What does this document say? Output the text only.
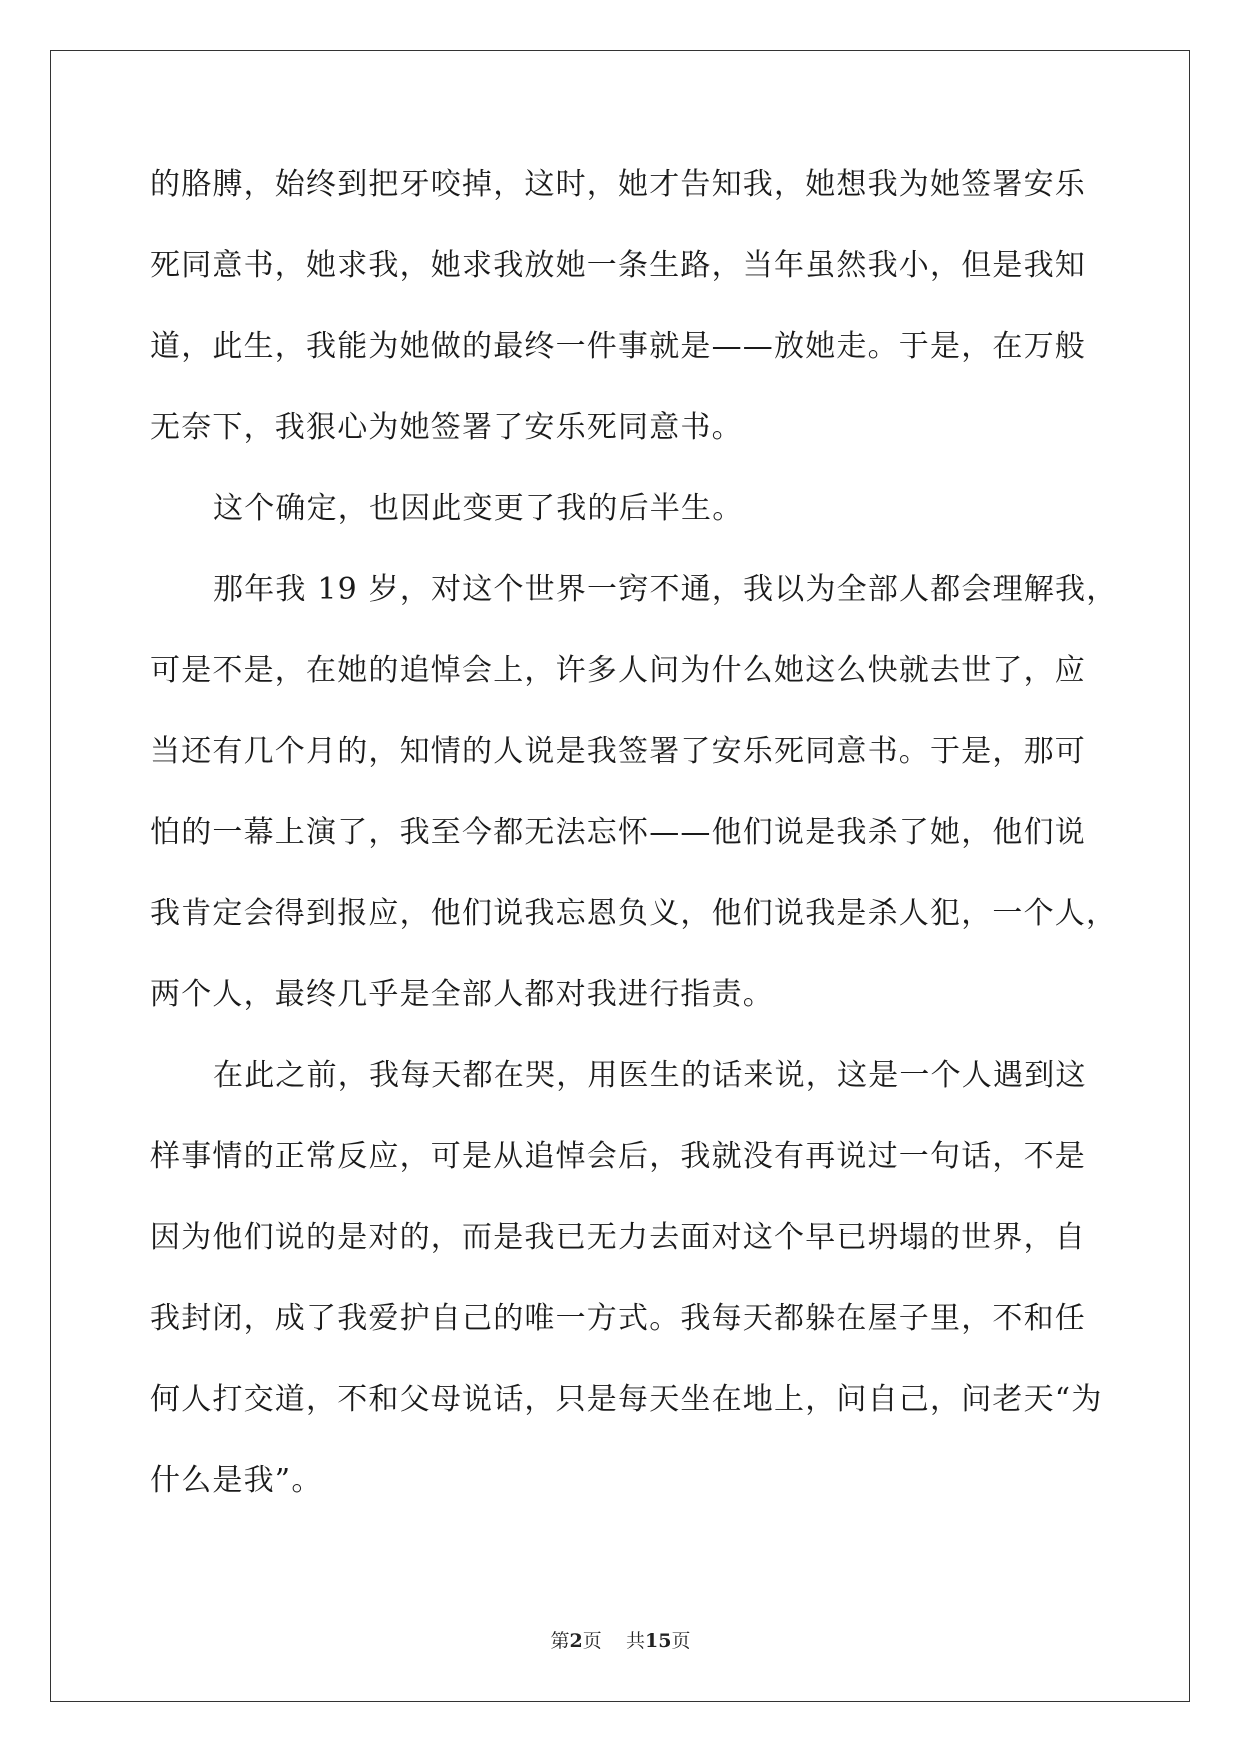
的胳膊，始终到把牙咬掉，这时，她才告知我，她想我为她签署安乐
死同意书，她求我，她求我放她一条生路，当年虽然我小，但是我知
道，此生，我能为她做的最终一件事就是——放她走。于是，在万般
无奈下，我狠心为她签署了安乐死同意书。
这个确定，也因此变更了我的后半生。
那年我 19 岁，对这个世界一窍不通，我以为全部人都会理解我，
可是不是，在她的追悼会上，许多人问为什么她这么快就去世了，应
当还有几个月的，知情的人说是我签署了安乐死同意书。于是，那可
怕的一幕上演了，我至今都无法忘怀——他们说是我杀了她，他们说
我肯定会得到报应，他们说我忘恩负义，他们说我是杀人犯，一个人，
两个人，最终几乎是全部人都对我进行指责。
在此之前，我每天都在哭，用医生的话来说，这是一个人遇到这
样事情的正常反应，可是从追悼会后，我就没有再说过一句话，不是
因为他们说的是对的，而是我已无力去面对这个早已坍塌的世界，自
我封闭，成了我爱护自己的唯一方式。我每天都躲在屋子里，不和任
何人打交道，不和父母说话，只是每天坐在地上，问自己，问老天“为
什么是我”。
第2页 共15页
